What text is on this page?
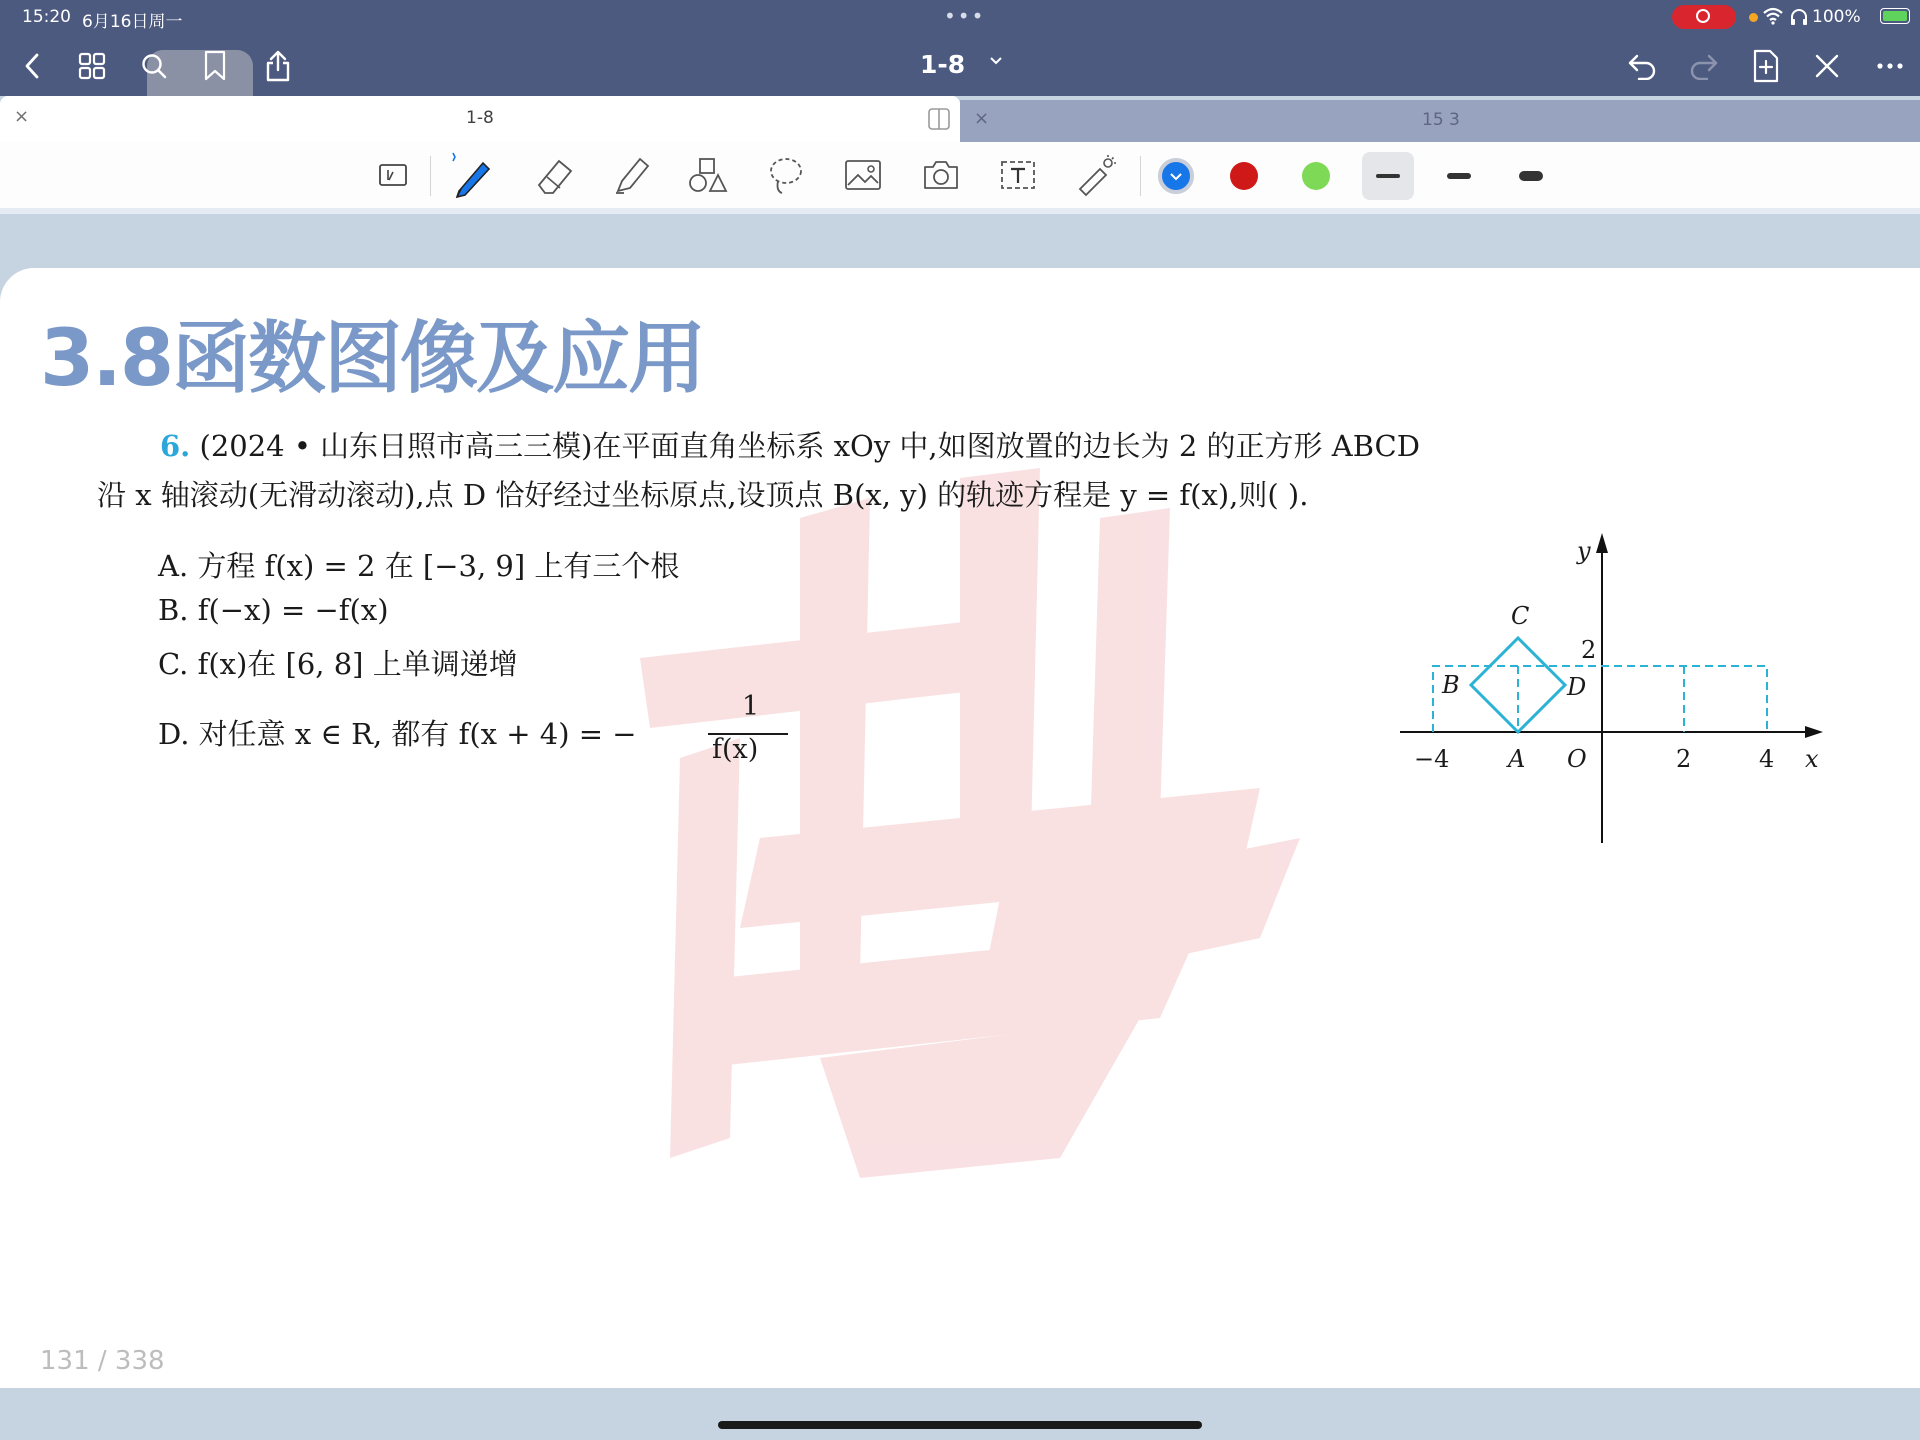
15:20 6月16日周一	•••	100%
1-8
×	1-8	×	15 3
3.8函数图像及应用
6. (2024 • 山东日照市高三三模)在平面直角坐标系 xOy 中,如图放置的边长为 2 的正方形 ABCD
沿 x 轴滚动(无滑动滚动),点 D 恰好经过坐标原点,设顶点 B(x, y) 的轨迹方程是 y = f(x),则( ).
A. 方程 f(x) = 2 在 [−3, 9] 上有三个根
B. f(−x) = −f(x)
C. f(x)在 [6, 8] 上单调递增
D. 对任意 x ∈ R, 都有 f(x + 4) = −
1
f(x)
C
B	D
A O
y
x
2
−4	2	4
131 / 338
